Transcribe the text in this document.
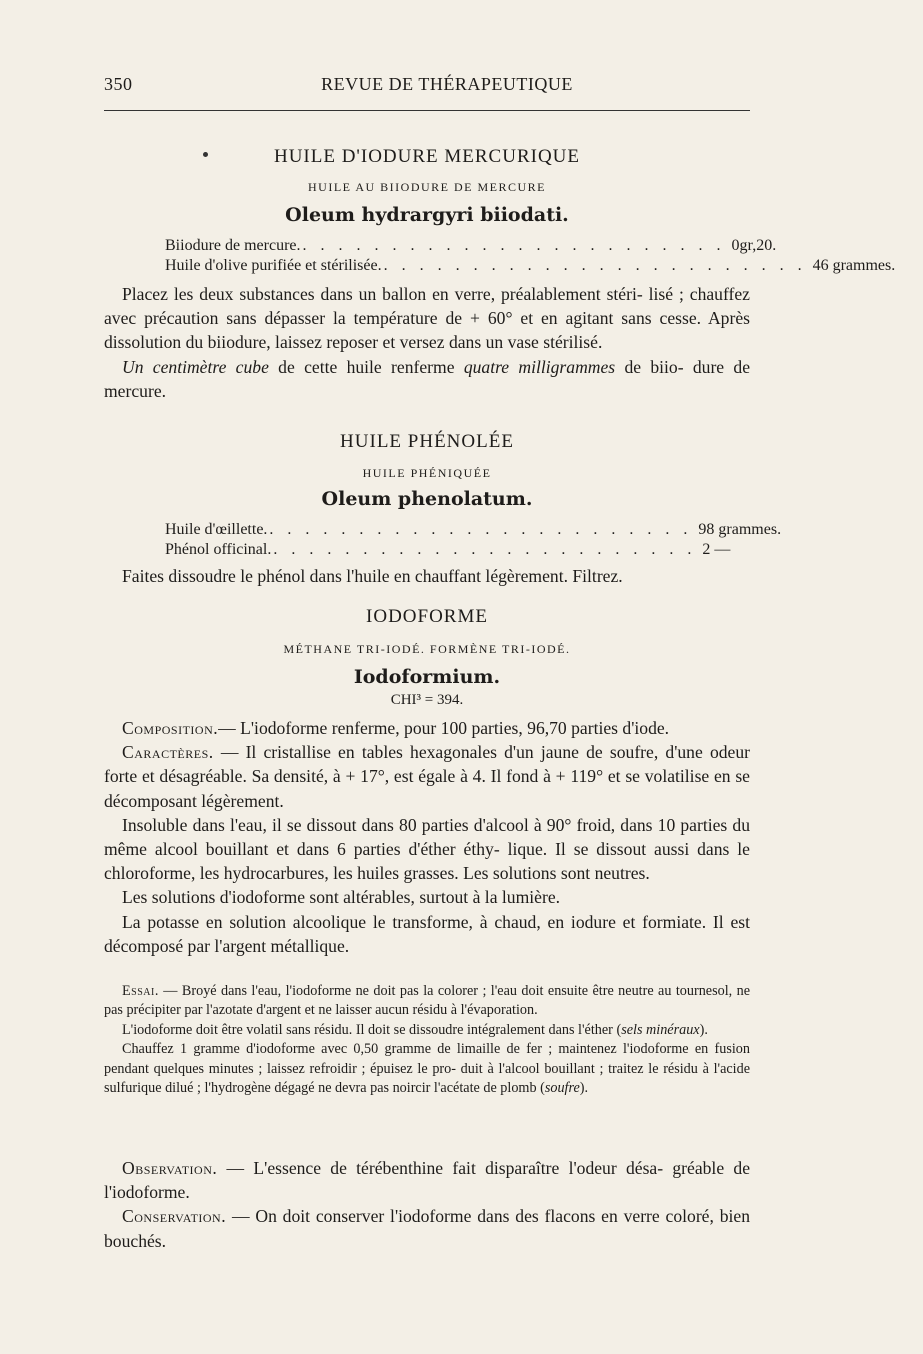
350	REVUE DE THÉRAPEUTIQUE
HUILE D'IODURE MERCURIQUE
HUILE AU BIIODURE DE MERCURE
Oleum hydrargyri biiodati.
Biiodure de mercure. . . . . . . . . . . . . . . . . . . . . . . . . 0gr,20.
Huile d'olive purifiée et stérilisée. . . . . . . . . . . . . . . . . . . . . . . . . 46 grammes.

Placez les deux substances dans un ballon en verre, préalablement stéri- lisé ; chauffez avec précaution sans dépasser la température de + 60° et en agitant sans cesse. Après dissolution du biiodure, laissez reposer et versez dans un vase stérilisé.

Un centimètre cube de cette huile renferme quatre milligrammes de biio- dure de mercure.

HUILE PHÉNOLÉE
HUILE PHÉNIQUÉE
Oleum phenolatum.
Huile d'œillette. . . . . . . . . . . . . . . . . . . . . . . . . 98 grammes.
Phénol officinal. . . . . . . . . . . . . . . . . . . . . . . . . 2 —

Faites dissoudre le phénol dans l'huile en chauffant légèrement. Filtrez.

IODOFORME
MÉTHANE TRI-IODÉ. FORMÈNE TRI-IODÉ.
Iodoformium.
CHI³ = 394.

Composition.— L'iodoforme renferme, pour 100 parties, 96,70 parties d'iode.

Caractères. — Il cristallise en tables hexagonales d'un jaune de soufre, d'une odeur forte et désagréable. Sa densité, à + 17°, est égale à 4. Il fond à + 119° et se volatilise en se décomposant légèrement.

Insoluble dans l'eau, il se dissout dans 80 parties d'alcool à 90° froid, dans 10 parties du même alcool bouillant et dans 6 parties d'éther éthy- lique. Il se dissout aussi dans le chloroforme, les hydrocarbures, les huiles grasses. Les solutions sont neutres.

Les solutions d'iodoforme sont altérables, surtout à la lumière.

La potasse en solution alcoolique le transforme, à chaud, en iodure et formiate. Il est décomposé par l'argent métallique.

Essai. — Broyé dans l'eau, l'iodoforme ne doit pas la colorer ; l'eau doit ensuite être neutre au tournesol, ne pas précipiter par l'azotate d'argent et ne laisser aucun résidu à l'évaporation.

L'iodoforme doit être volatil sans résidu. Il doit se dissoudre intégralement dans l'éther (sels minéraux).

Chauffez 1 gramme d'iodoforme avec 0,50 gramme de limaille de fer ; maintenez l'iodoforme en fusion pendant quelques minutes ; laissez refroidir ; épuisez le pro- duit à l'alcool bouillant ; traitez le résidu à l'acide sulfurique dilué ; l'hydrogène dégagé ne devra pas noircir l'acétate de plomb (soufre).

Observation. — L'essence de térébenthine fait disparaître l'odeur désa- gréable de l'iodoforme.

Conservation. — On doit conserver l'iodoforme dans des flacons en verre coloré, bien bouchés.
